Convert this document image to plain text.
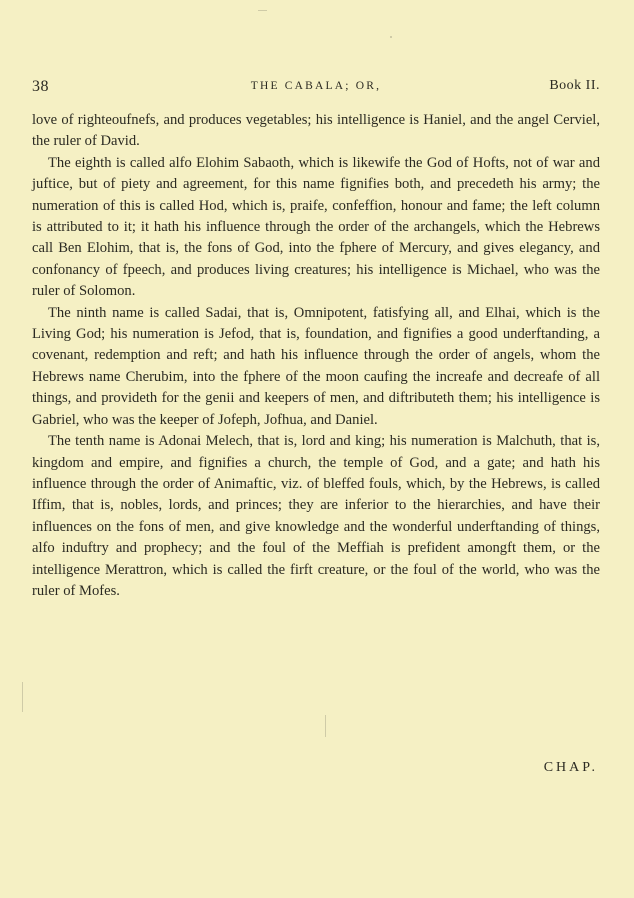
38	THE CABALA; OR,	Book II.

love of righteoufnefs, and produces vegetables; his intelligence is Haniel, and the angel Cerviel, the ruler of David.

The eighth is called alfo Elohim Sabaoth, which is likewife the God of Hofts, not of war and juftice, but of piety and agreement, for this name fignifies both, and precedeth his army; the numeration of this is called Hod, which is, praife, confeffion, honour and fame; the left column is attributed to it; it hath his influence through the order of the archangels, which the Hebrews call Ben Elohim, that is, the fons of God, into the fphere of Mercury, and gives elegancy, and confonancy of fpeech, and produces living creatures; his intelligence is Michael, who was the ruler of Solomon.

The ninth name is called Sadai, that is, Omnipotent, fatisfying all, and Elhai, which is the Living God; his numeration is Jefod, that is, foundation, and fignifies a good underftanding, a covenant, redemption and reft; and hath his influence through the order of angels, whom the Hebrews name Cherubim, into the fphere of the moon caufing the increafe and decreafe of all things, and provideth for the genii and keepers of men, and diftributeth them; his intelligence is Gabriel, who was the keeper of Jofeph, Jofhua, and Daniel.

The tenth name is Adonai Melech, that is, lord and king; his numeration is Malchuth, that is, kingdom and empire, and fignifies a church, the temple of God, and a gate; and hath his influence through the order of Animaftic, viz. of bleffed fouls, which, by the Hebrews, is called Iffim, that is, nobles, lords, and princes; they are inferior to the hierarchies, and have their influences on the fons of men, and give knowledge and the wonderful underftanding of things, alfo induftry and prophecy; and the foul of the Meffiah is prefident amongft them, or the intelligence Merattron, which is called the firft creature, or the foul of the world, who was the ruler of Mofes.

CHAP.
